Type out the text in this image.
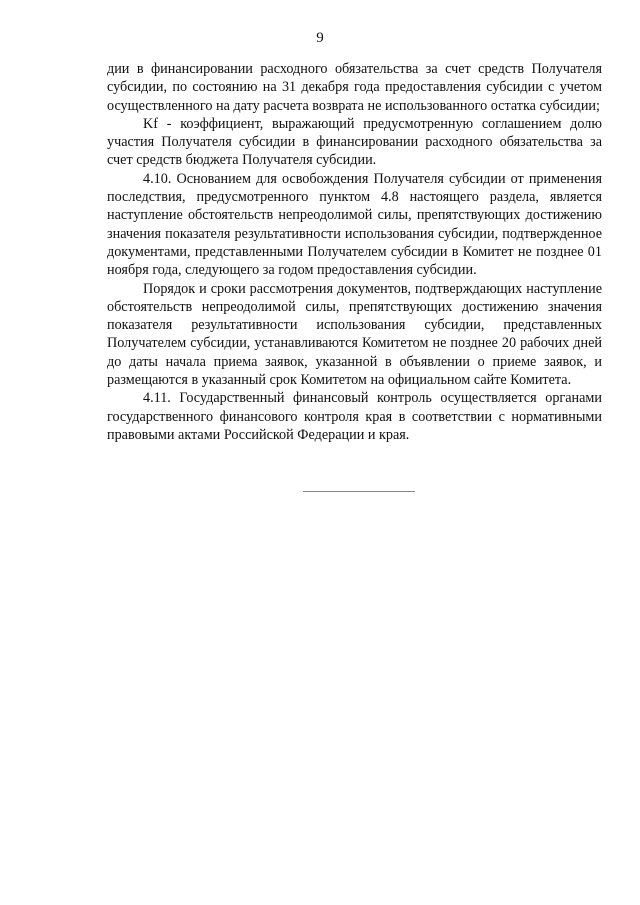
9

дии в финансировании расходного обязательства за счет средств Получателя субсидии, по состоянию на 31 декабря года предоставления субсидии с учетом осуществленного на дату расчета возврата не использованного остатка субсидии;

Kf - коэффициент, выражающий предусмотренную соглашением долю участия Получателя субсидии в финансировании расходного обязательства за счет средств бюджета Получателя субсидии.

4.10. Основанием для освобождения Получателя субсидии от применения последствия, предусмотренного пунктом 4.8 настоящего раздела, является наступление обстоятельств непреодолимой силы, препятствующих достижению значения показателя результативности использования субсидии, подтвержденное документами, представленными Получателем субсидии в Комитет не позднее 01 ноября года, следующего за годом предоставления субсидии.

Порядок и сроки рассмотрения документов, подтверждающих наступление обстоятельств непреодолимой силы, препятствующих достижению значения показателя результативности использования субсидии, представленных Получателем субсидии, устанавливаются Комитетом не позднее 20 рабочих дней до даты начала приема заявок, указанной в объявлении о приеме заявок, и размещаются в указанный срок Комитетом на официальном сайте Комитета.

4.11. Государственный финансовый контроль осуществляется органами государственного финансового контроля края в соответствии с нормативными правовыми актами Российской Федерации и края.
